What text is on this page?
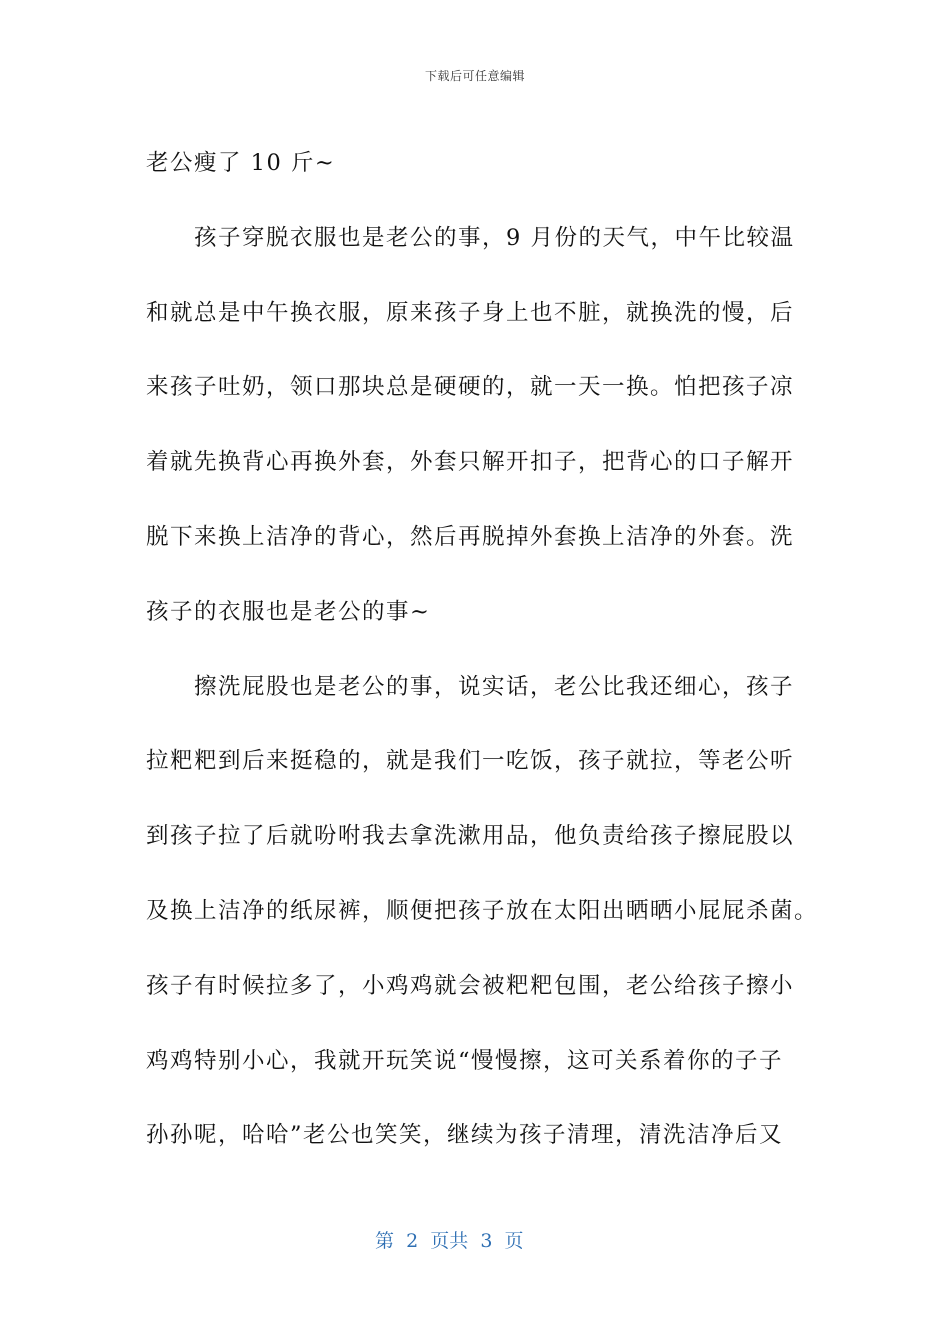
下载后可任意编辑
老公瘦了 10 斤~
　　孩子穿脱衣服也是老公的事，9 月份的天气，中午比较温
和就总是中午换衣服，原来孩子身上也不脏，就换洗的慢，后
来孩子吐奶，领口那块总是硬硬的，就一天一换。怕把孩子凉
着就先换背心再换外套，外套只解开扣子，把背心的口子解开
脱下来换上洁净的背心，然后再脱掉外套换上洁净的外套。洗
孩子的衣服也是老公的事~
　　擦洗屁股也是老公的事，说实话，老公比我还细心，孩子
拉粑粑到后来挺稳的，就是我们一吃饭，孩子就拉，等老公听
到孩子拉了后就吩咐我去拿洗漱用品，他负责给孩子擦屁股以
及换上洁净的纸尿裤，顺便把孩子放在太阳出晒晒小屁屁杀菌。
孩子有时候拉多了，小鸡鸡就会被粑粑包围，老公给孩子擦小
鸡鸡特别小心，我就开玩笑说“慢慢擦，这可关系着你的子子
孙孙呢，哈哈”老公也笑笑，继续为孩子清理，清洗洁净后又
第  2  页共  3  页
